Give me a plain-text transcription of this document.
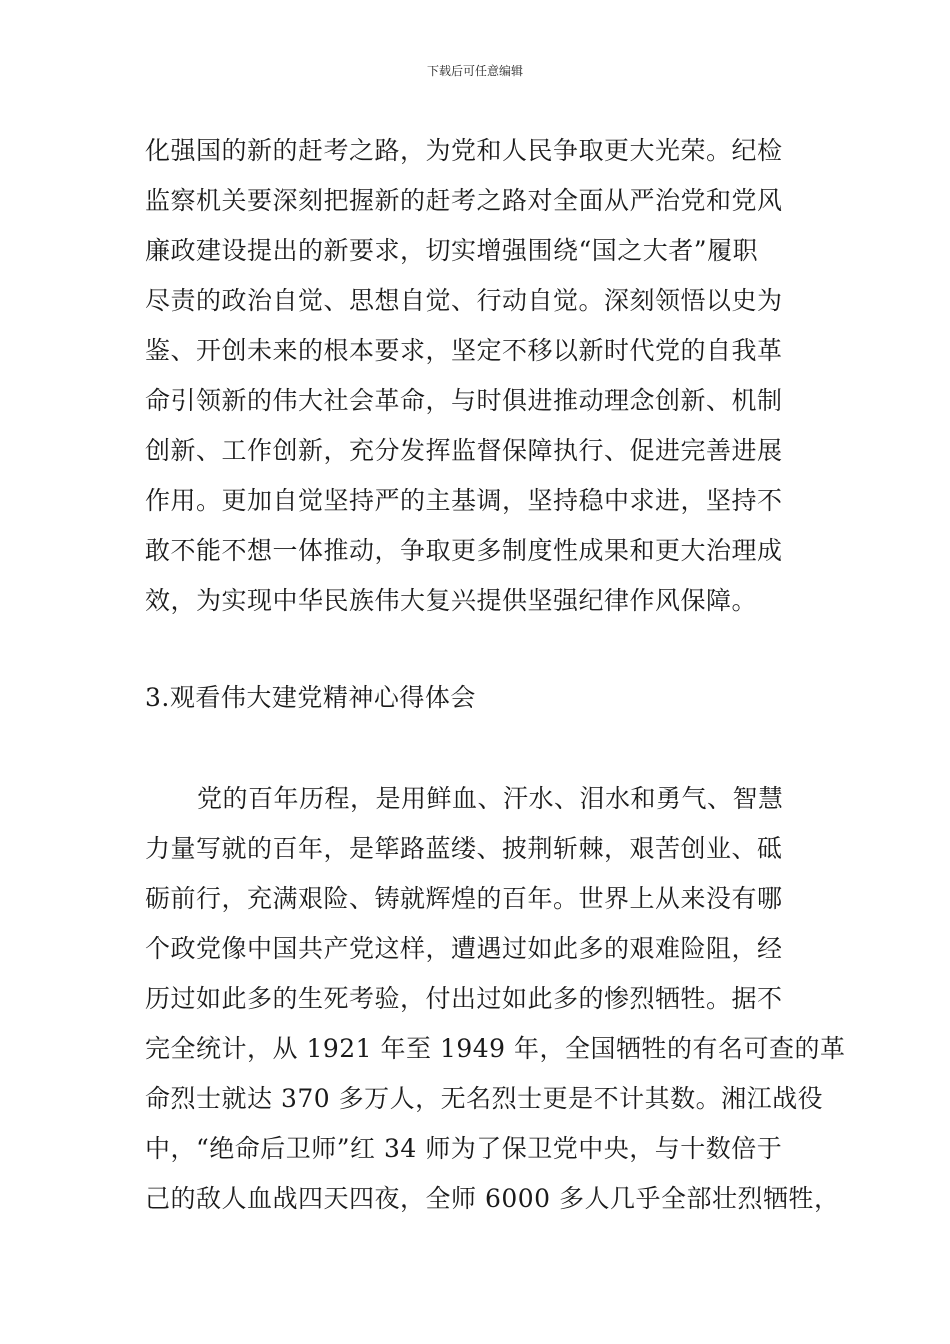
下载后可任意编辑
化强国的新的赶考之路，为党和人民争取更大光荣。纪检
监察机关要深刻把握新的赶考之路对全面从严治党和党风
廉政建设提出的新要求，切实增强围绕“国之大者”履职
尽责的政治自觉、思想自觉、行动自觉。深刻领悟以史为
鉴、开创未来的根本要求，坚定不移以新时代党的自我革
命引领新的伟大社会革命，与时俱进推动理念创新、机制
创新、工作创新，充分发挥监督保障执行、促进完善进展
作用。更加自觉坚持严的主基调，坚持稳中求进，坚持不
敢不能不想一体推动，争取更多制度性成果和更大治理成
效，为实现中华民族伟大复兴提供坚强纪律作风保障。
3.观看伟大建党精神心得体会
党的百年历程，是用鲜血、汗水、泪水和勇气、智慧
力量写就的百年，是筚路蓝缕、披荆斩棘，艰苦创业、砥
砺前行，充满艰险、铸就辉煌的百年。世界上从来没有哪
个政党像中国共产党这样，遭遇过如此多的艰难险阻，经
历过如此多的生死考验，付出过如此多的惨烈牺牲。据不
完全统计，从 1921 年至 1949 年，全国牺牲的有名可查的革
命烈士就达 370 多万人，无名烈士更是不计其数。湘江战役
中，“绝命后卫师”红 34 师为了保卫党中央，与十数倍于
己的敌人血战四天四夜，全师 6000 多人几乎全部壮烈牺牲，
